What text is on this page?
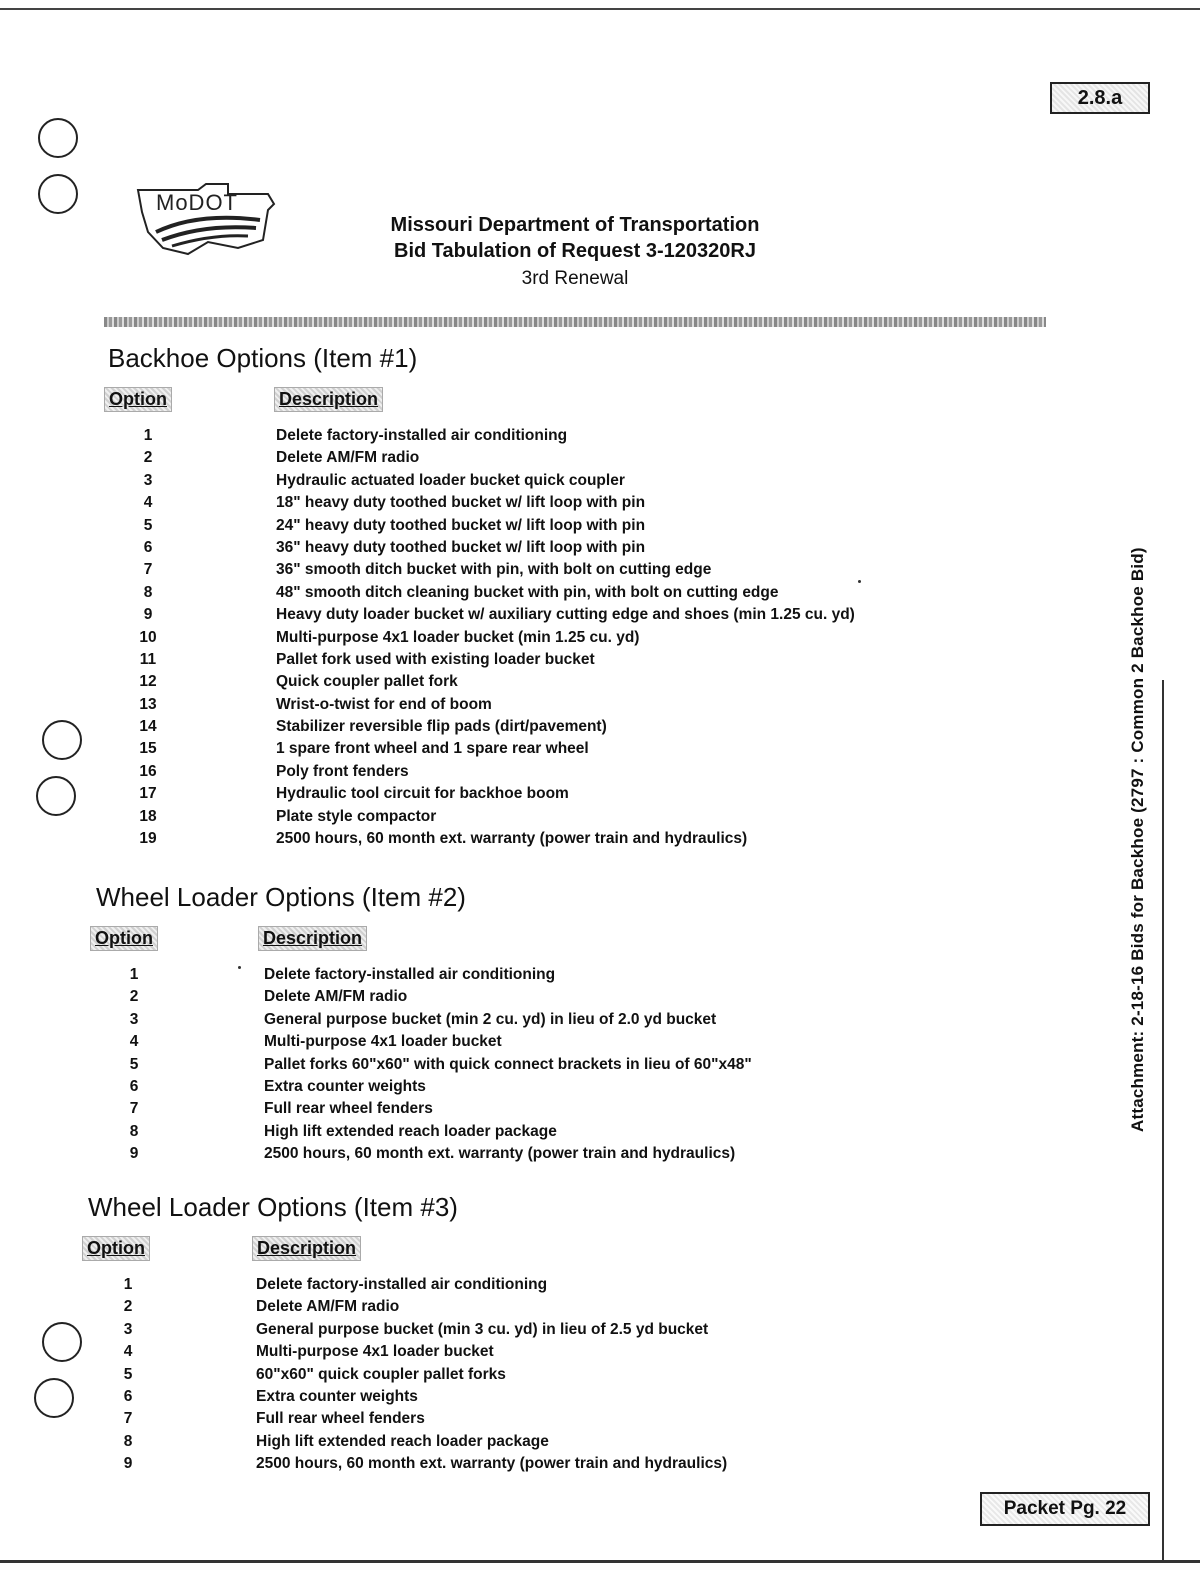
2.8.a
MoDOT
Missouri Department of Transportation
Bid Tabulation of Request 3-120320RJ
3rd Renewal
Backhoe Options (Item #1)
Option	Description
1	Delete factory-installed air conditioning
2	Delete AM/FM radio
3	Hydraulic actuated loader bucket quick coupler
4	18" heavy duty toothed bucket w/ lift loop with pin
5	24" heavy duty toothed bucket w/ lift loop with pin
6	36" heavy duty toothed bucket w/ lift loop with pin
7	36" smooth ditch bucket with pin, with bolt on cutting edge
8	48" smooth ditch cleaning bucket with pin, with bolt on cutting edge
9	Heavy duty loader bucket w/ auxiliary cutting edge and shoes (min 1.25 cu. yd)
10	Multi-purpose 4x1 loader bucket (min 1.25 cu. yd)
11	Pallet fork used with existing loader bucket
12	Quick coupler pallet fork
13	Wrist-o-twist for end of boom
14	Stabilizer reversible flip pads (dirt/pavement)
15	1 spare front wheel and 1 spare rear wheel
16	Poly front fenders
17	Hydraulic tool circuit for backhoe boom
18	Plate style compactor
19	2500 hours, 60 month ext. warranty (power train and hydraulics)
Wheel Loader Options (Item #2)
Option	Description
1	Delete factory-installed air conditioning
2	Delete AM/FM radio
3	General purpose bucket (min 2 cu. yd) in lieu of 2.0 yd bucket
4	Multi-purpose 4x1 loader bucket
5	Pallet forks 60"x60" with quick connect brackets in lieu of 60"x48"
6	Extra counter weights
7	Full rear wheel fenders
8	High lift extended reach loader package
9	2500 hours, 60 month ext. warranty (power train and hydraulics)
Wheel Loader Options (Item #3)
Option	Description
1	Delete factory-installed air conditioning
2	Delete AM/FM radio
3	General purpose bucket (min 3 cu. yd) in lieu of 2.5 yd bucket
4	Multi-purpose 4x1 loader bucket
5	60"x60" quick coupler pallet forks
6	Extra counter weights
7	Full rear wheel fenders
8	High lift extended reach loader package
9	2500 hours, 60 month ext. warranty (power train and hydraulics)
Attachment: 2-18-16 Bids for Backhoe (2797 : Common 2 Backhoe Bid)
Packet Pg. 22
